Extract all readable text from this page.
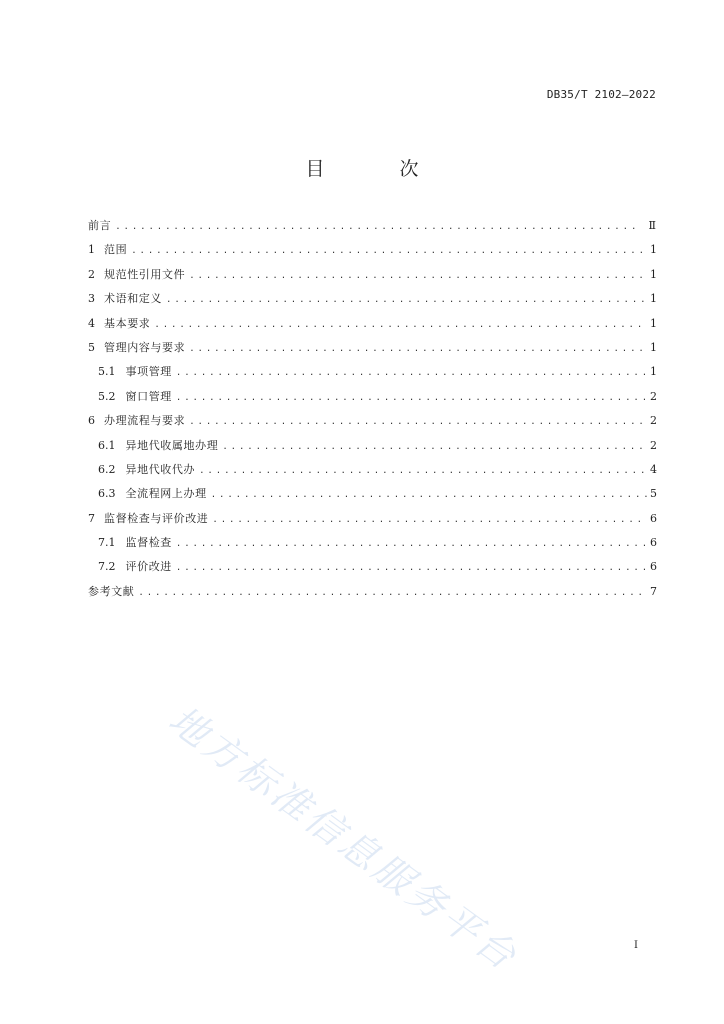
DB35/T 2102—2022
目　次
前言 .....	Ⅱ
1 范围 .....	1
2 规范性引用文件 .....	1
3 术语和定义 .....	1
4 基本要求 .....	1
5 管理内容与要求 .....	1
5.1 事项管理 .....	1
5.2 窗口管理 .....	2
6 办理流程与要求 .....	2
6.1 异地代收属地办理 .....	2
6.2 异地代收代办 .....	4
6.3 全流程网上办理 .....	5
7 监督检查与评价改进 .....	6
7.1 监督检查 .....	6
7.2 评价改进 .....	6
参考文献 .....	7
地方标准信息服务平台	I
